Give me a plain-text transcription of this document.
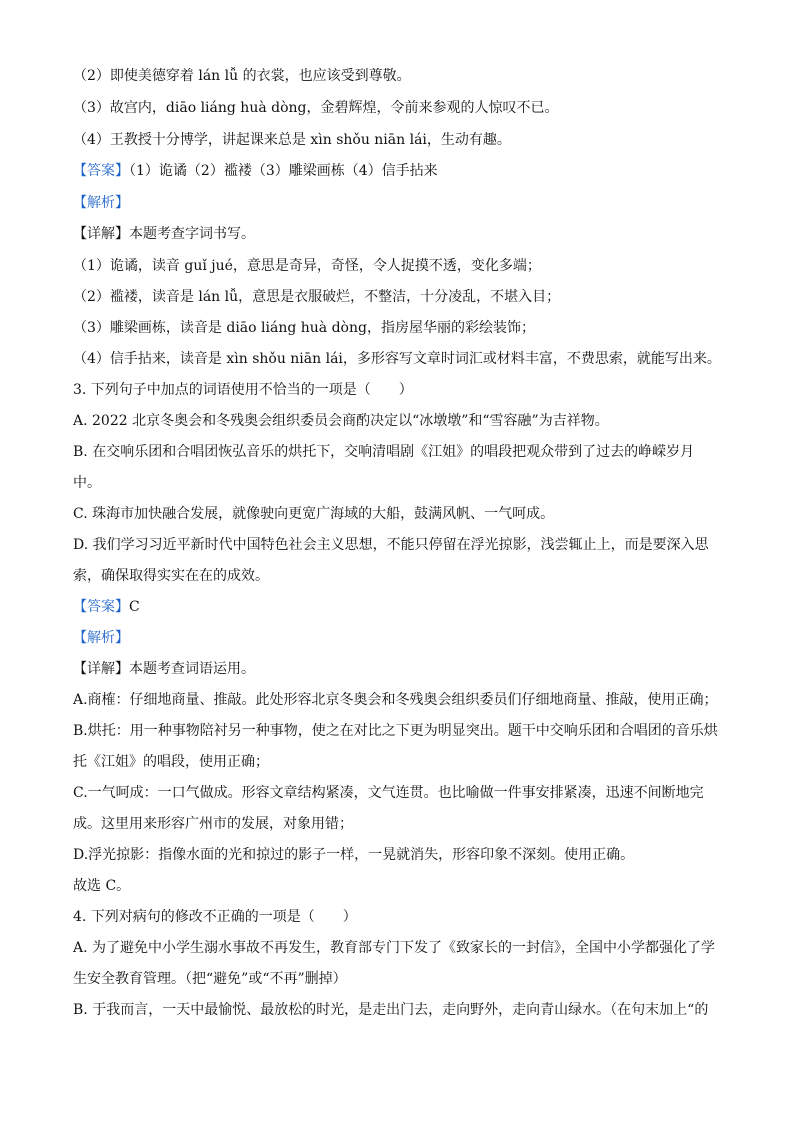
（2）即使美德穿着 lán lǚ 的衣裳，也应该受到尊敬。
（3）故宫内，diāo liáng huà dòng，金碧辉煌，令前来参观的人惊叹不已。
（4）王教授十分博学，讲起课来总是 xìn shǒu niān lái，生动有趣。
【答案】（1）诡谲（2）褴褛（3）雕梁画栋（4）信手拈来
【解析】
【详解】本题考查字词书写。
（1）诡谲，读音 guǐ jué，意思是奇异，奇怪，令人捉摸不透，变化多端；
（2）褴褛，读音是 lán lǚ，意思是衣服破烂，不整洁，十分凌乱，不堪入目；
（3）雕梁画栋，读音是 diāo liáng huà dòng，指房屋华丽的彩绘装饰；
（4）信手拈来，读音是 xìn shǒu niān lái，多形容写文章时词汇或材料丰富，不费思索，就能写出来。
3. 下列句子中加点的词语使用不恰当的一项是（　　）
A. 2022 北京冬奥会和冬残奥会组织委员会商酌决定以“冰墩墩”和“雪容融”为吉祥物。
B. 在交响乐团和合唱团恢弘音乐的烘托下，交响清唱剧《江姐》的唱段把观众带到了过去的峥嵘岁月
中。
C. 珠海市加快融合发展，就像驶向更宽广海域的大船，鼓满风帆、一气呵成。
D. 我们学习习近平新时代中国特色社会主义思想，不能只停留在浮光掠影，浅尝辄止上，而是要深入思
索，确保取得实实在在的成效。
【答案】C
【解析】
【详解】本题考查词语运用。
A.商榷：仔细地商量、推敲。此处形容北京冬奥会和冬残奥会组织委员们仔细地商量、推敲，使用正确；
B.烘托：用一种事物陪衬另一种事物，使之在对比之下更为明显突出。题干中交响乐团和合唱团的音乐烘
托《江姐》的唱段，使用正确；
C.一气呵成：一口气做成。形容文章结构紧凑，文气连贯。也比喻做一件事安排紧凑，迅速不间断地完
成。这里用来形容广州市的发展，对象用错；
D.浮光掠影：指像水面的光和掠过的影子一样，一晃就消失，形容印象不深刻。使用正确。
故选 C。
4. 下列对病句的修改不正确的一项是（　　）
A. 为了避免中小学生溺水事故不再发生，教育部专门下发了《致家长的一封信》，全国中小学都强化了学
生安全教育管理。（把“避免”或“不再”删掉）
B. 于我而言，一天中最愉悦、最放松的时光，是走出门去，走向野外，走向青山绿水。（在句末加上“的
